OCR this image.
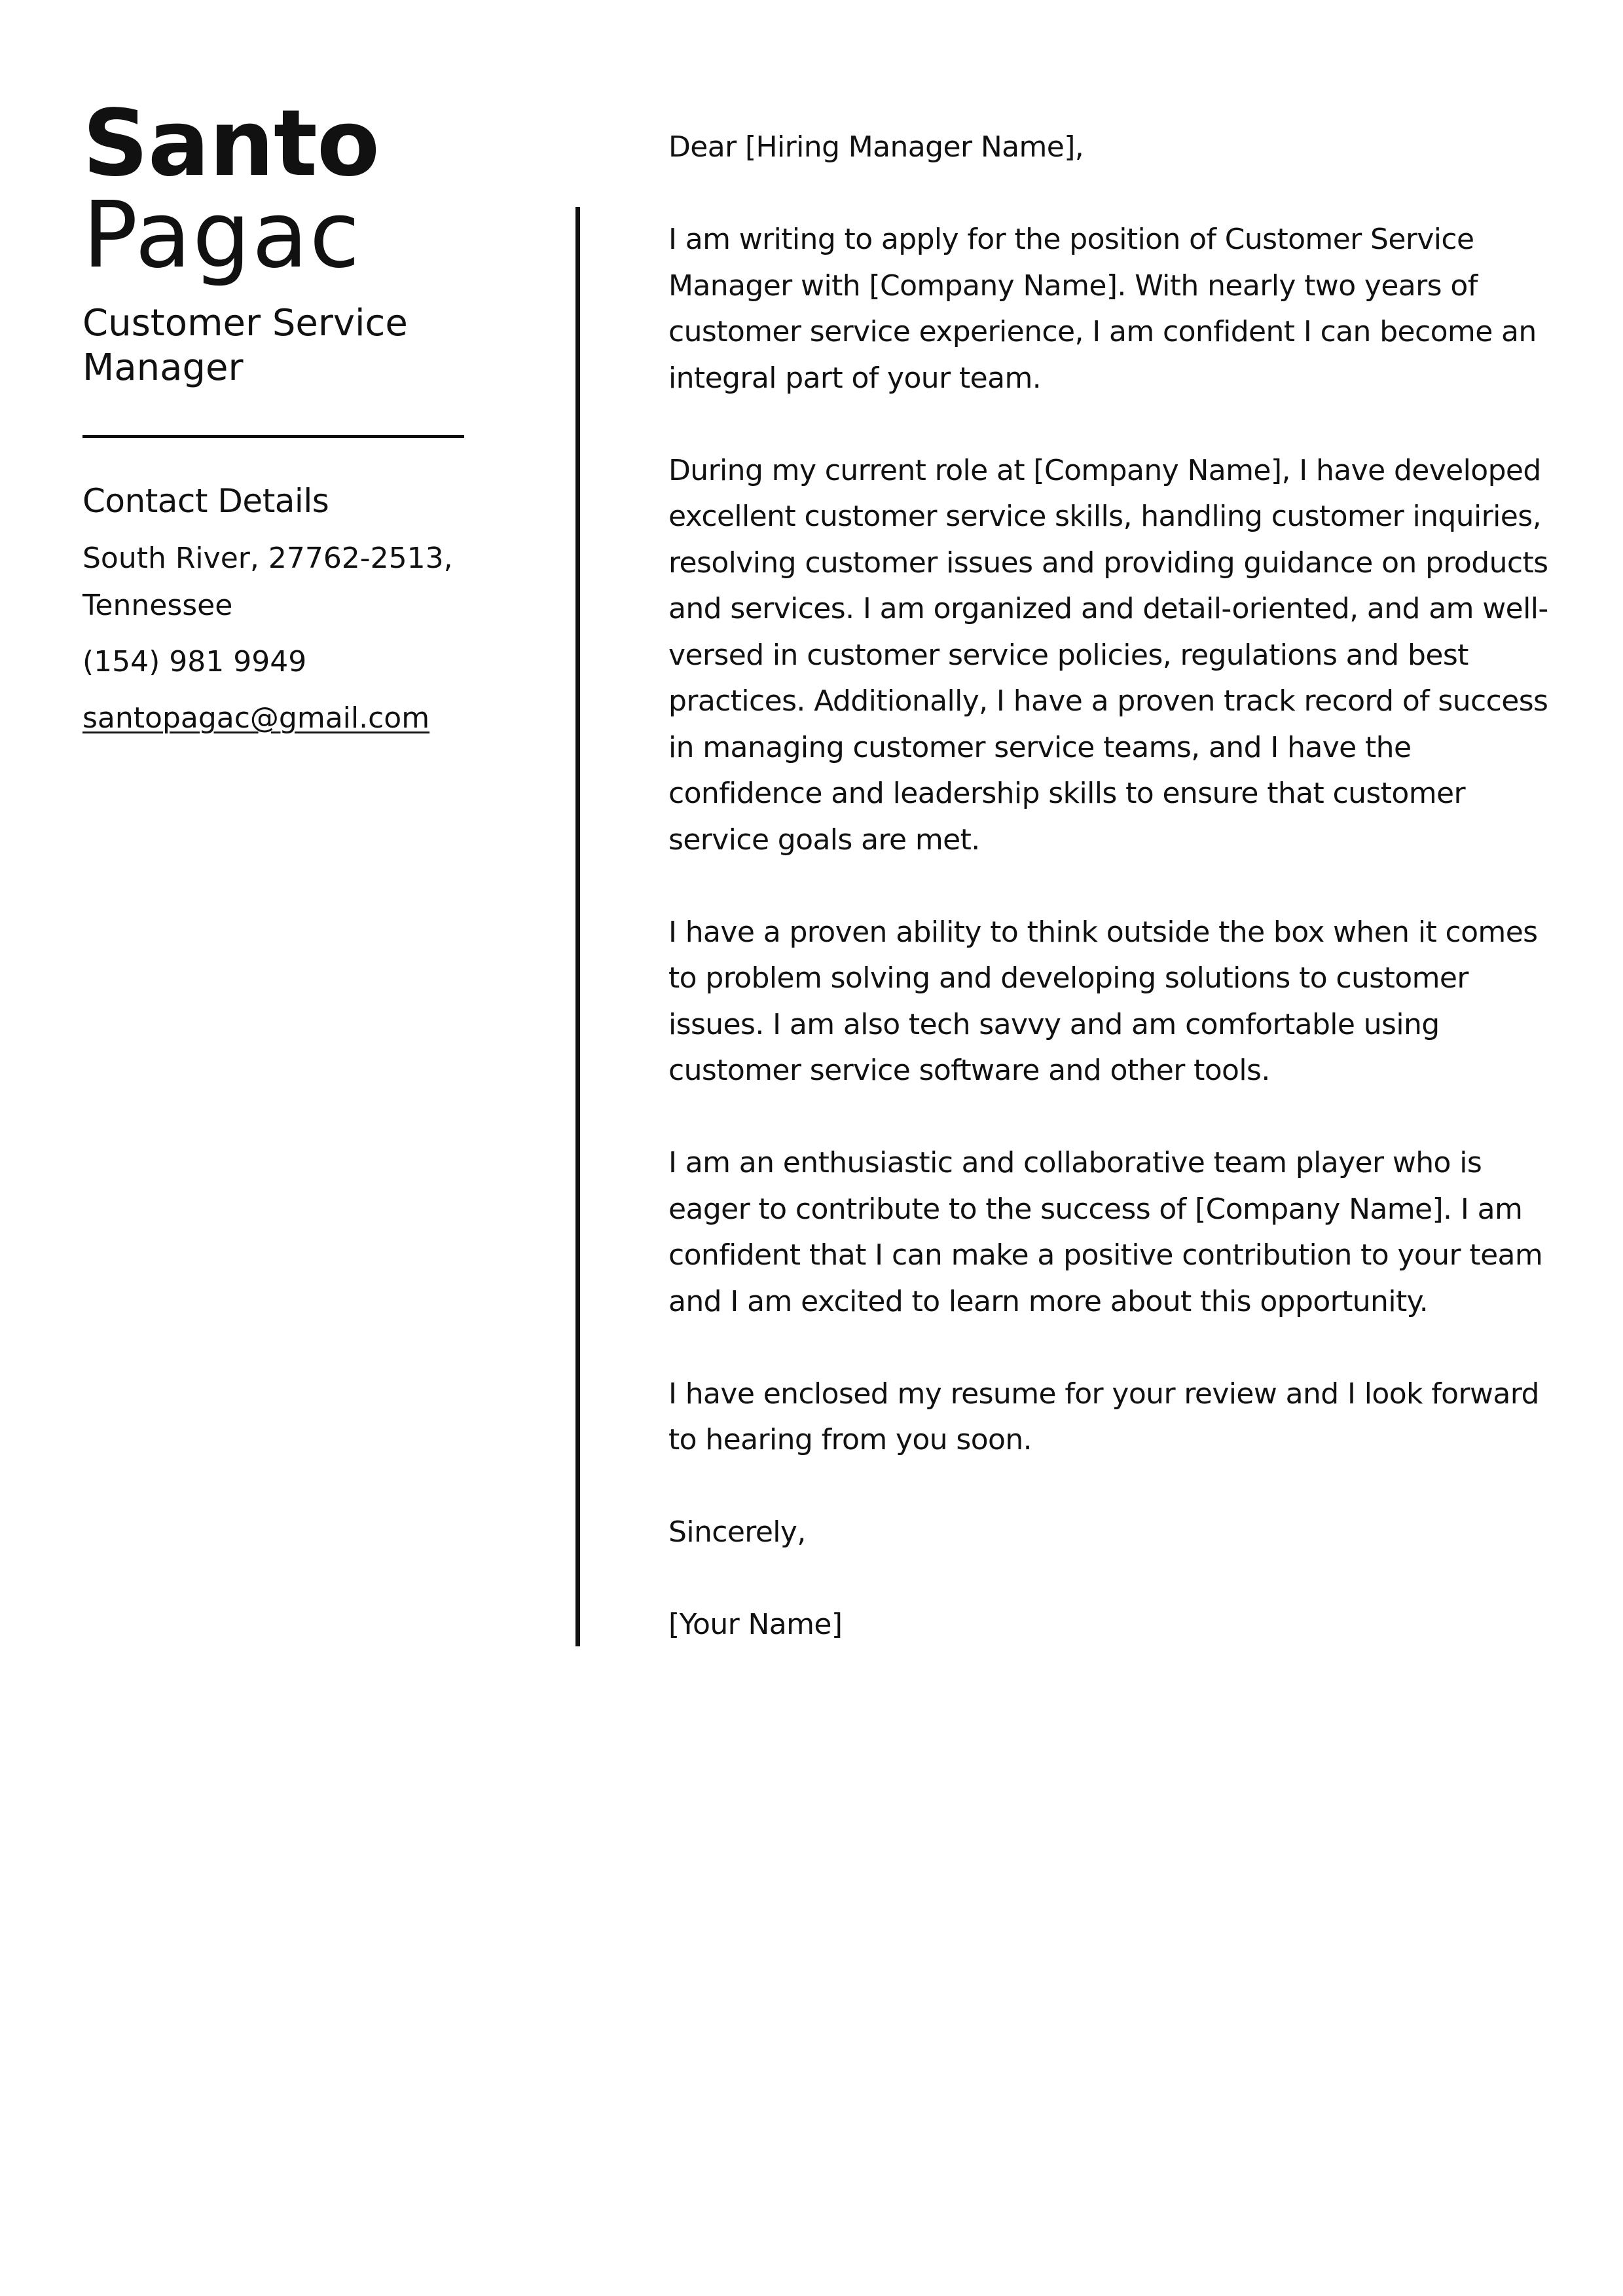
Santo
Pagac
Customer Service
Manager
Contact Details
South River, 27762-2513,
Tennessee
(154) 981 9949
santopagac@gmail.com

Dear [Hiring Manager Name],

I am writing to apply for the position of Customer Service
Manager with [Company Name]. With nearly two years of
customer service experience, I am confident I can become an
integral part of your team.

During my current role at [Company Name], I have developed
excellent customer service skills, handling customer inquiries,
resolving customer issues and providing guidance on products
and services. I am organized and detail-oriented, and am well-
versed in customer service policies, regulations and best
practices. Additionally, I have a proven track record of success
in managing customer service teams, and I have the
confidence and leadership skills to ensure that customer
service goals are met.

I have a proven ability to think outside the box when it comes
to problem solving and developing solutions to customer
issues. I am also tech savvy and am comfortable using
customer service software and other tools.

I am an enthusiastic and collaborative team player who is
eager to contribute to the success of [Company Name]. I am
confident that I can make a positive contribution to your team
and I am excited to learn more about this opportunity.

I have enclosed my resume for your review and I look forward
to hearing from you soon.

Sincerely,

[Your Name]
